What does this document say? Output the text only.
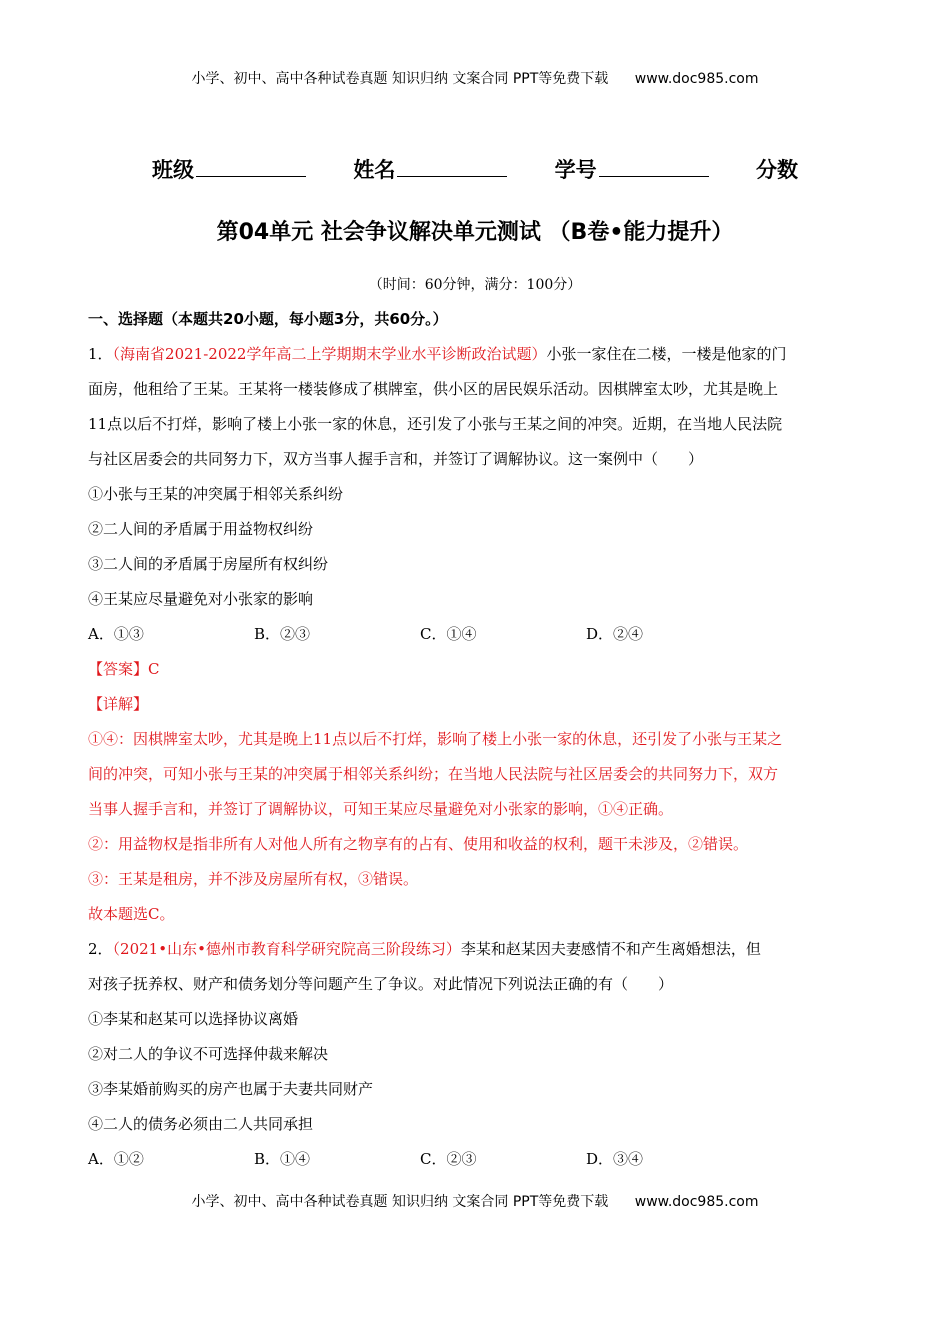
小学、初中、高中各种试卷真题 知识归纳 文案合同 PPT等免费下载 www.doc985.com
班级	姓名	学号	分数
第04单元 社会争议解决单元测试 （B卷•能力提升）
（时间：60分钟，满分：100分）
一、选择题（本题共20小题，每小题3分，共60分。）
1．（海南省2021-2022学年高二上学期期末学业水平诊断政治试题）小张一家住在二楼，一楼是他家的门
面房，他租给了王某。王某将一楼装修成了棋牌室，供小区的居民娱乐活动。因棋牌室太吵，尤其是晚上
11点以后不打烊，影响了楼上小张一家的休息，还引发了小张与王某之间的冲突。近期，在当地人民法院
与社区居委会的共同努力下，双方当事人握手言和，并签订了调解协议。这一案例中（　　）
①小张与王某的冲突属于相邻关系纠纷
②二人间的矛盾属于用益物权纠纷
③二人间的矛盾属于房屋所有权纠纷
④王某应尽量避免对小张家的影响
A．①③	B．②③	C．①④	D．②④
【答案】C
【详解】
①④：因棋牌室太吵，尤其是晚上11点以后不打烊，影响了楼上小张一家的休息，还引发了小张与王某之
间的冲突，可知小张与王某的冲突属于相邻关系纠纷；在当地人民法院与社区居委会的共同努力下，双方
当事人握手言和，并签订了调解协议，可知王某应尽量避免对小张家的影响，①④正确。
②：用益物权是指非所有人对他人所有之物享有的占有、使用和收益的权利，题干未涉及，②错误。
③：王某是租房，并不涉及房屋所有权，③错误。
故本题选C。
2．（2021•山东•德州市教育科学研究院高三阶段练习）李某和赵某因夫妻感情不和产生离婚想法，但
对孩子抚养权、财产和债务划分等问题产生了争议。对此情况下列说法正确的有（　　）
①李某和赵某可以选择协议离婚
②对二人的争议不可选择仲裁来解决
③李某婚前购买的房产也属于夫妻共同财产
④二人的债务必须由二人共同承担
A．①②	B．①④	C．②③	D．③④
小学、初中、高中各种试卷真题 知识归纳 文案合同 PPT等免费下载 www.doc985.com
